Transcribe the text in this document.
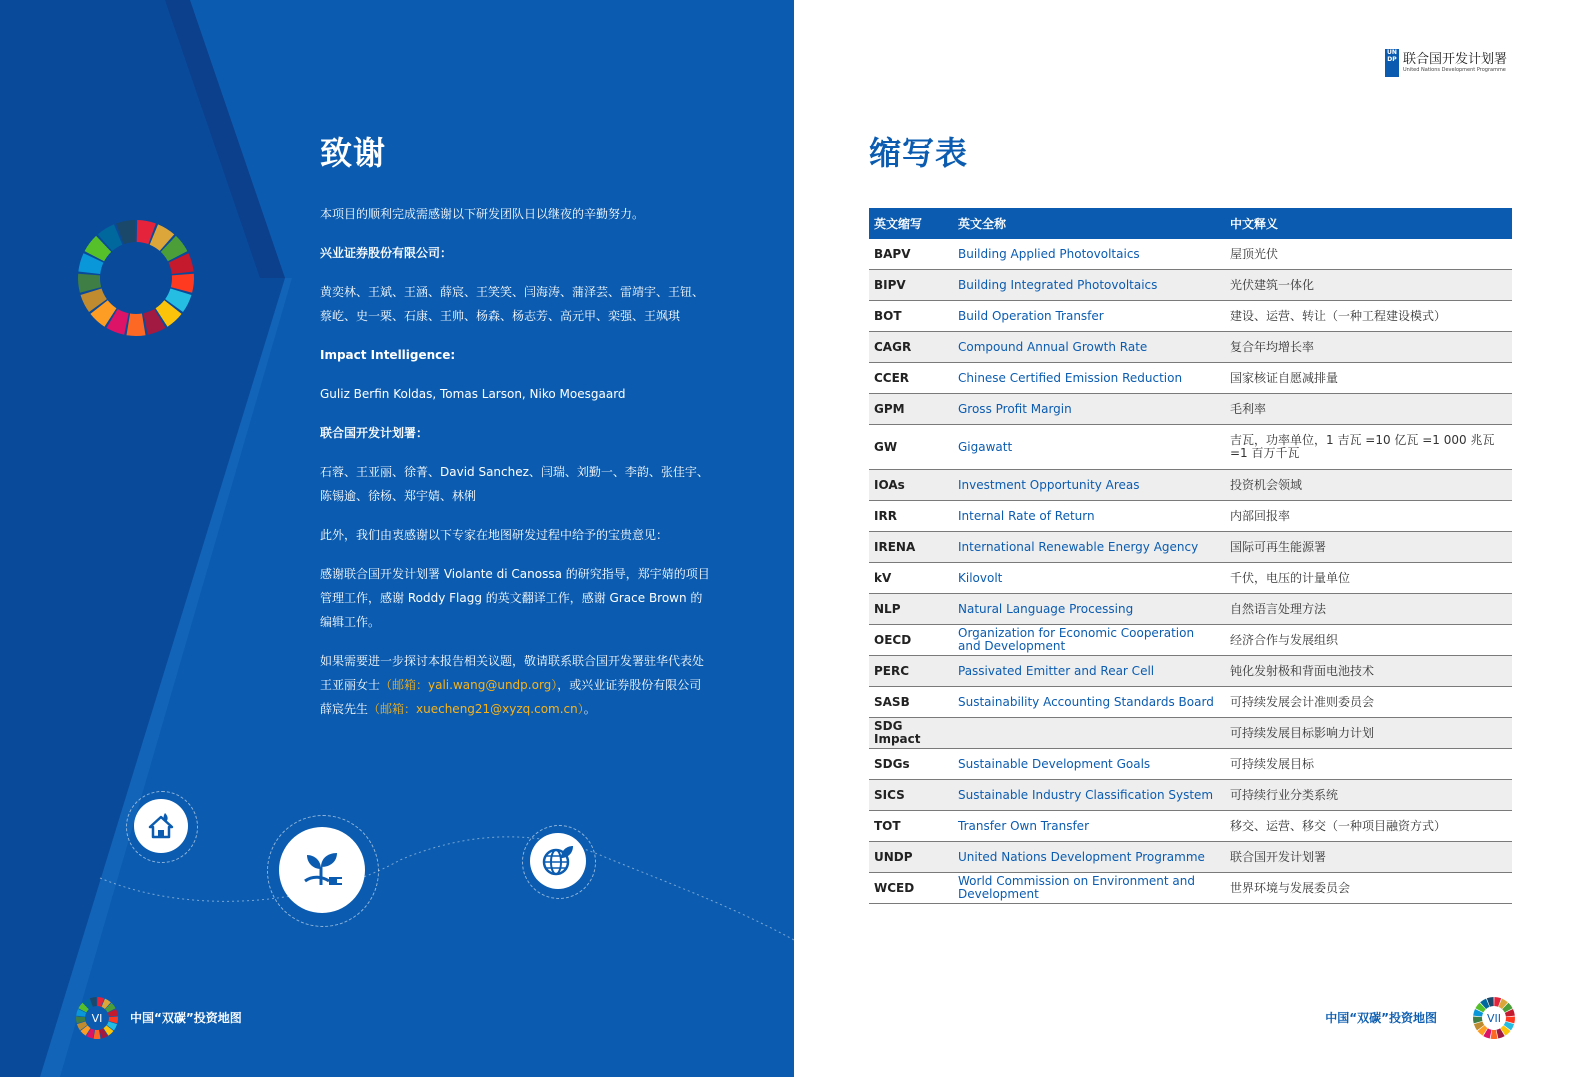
致谢
本项目的顺利完成需感谢以下研发团队日以继夜的辛勤努力。
兴业证券股份有限公司：
黄奕林、王斌、王涵、薛宸、王笑笑、闫海涛、蒲泽芸、雷靖宇、王钮、蔡屹、史一栗、石康、王帅、杨森、杨志芳、高元甲、栾强、王飒琪
Impact Intelligence:
Guliz Berfin Koldas, Tomas Larson, Niko Moesgaard
联合国开发计划署：
石蓉、王亚丽、徐菁、David Sanchez、闫瑞、刘勤一、李韵、张佳宇、陈锡逾、徐杨、郑宇婧、林俐
此外，我们由衷感谢以下专家在地图研发过程中给予的宝贵意见：
感谢联合国开发计划署 Violante di Canossa 的研究指导，郑宇婧的项目管理工作，感谢 Roddy Flagg 的英文翻译工作，感谢 Grace Brown 的编辑工作。
如果需要进一步探讨本报告相关议题，敬请联系联合国开发署驻华代表处王亚丽女士（邮箱：yali.wang@undp.org），或兴业证券股份有限公司薛宸先生（邮箱：xuecheng21@xyzq.com.cn）。
VI 中国“双碳”投资地图
UN DP 联合国开发计划署
United Nations Development Programme
缩写表
英文缩写	英文全称	中文释义
BAPV	Building Applied Photovoltaics	屋顶光伏
BIPV	Building Integrated Photovoltaics	光伏建筑一体化
BOT	Build Operation Transfer	建设、运营、转让（一种工程建设模式）
CAGR	Compound Annual Growth Rate	复合年均增长率
CCER	Chinese Certified Emission Reduction	国家核证自愿减排量
GPM	Gross Profit Margin	毛利率
GW	Gigawatt	吉瓦，功率单位，1 吉瓦 =10 亿瓦 =1 000 兆瓦 =1 百万千瓦
IOAs	Investment Opportunity Areas	投资机会领域
IRR	Internal Rate of Return	内部回报率
IRENA	International Renewable Energy Agency	国际可再生能源署
kV	Kilovolt	千伏，电压的计量单位
NLP	Natural Language Processing	自然语言处理方法
OECD	Organization for Economic Cooperation and Development	经济合作与发展组织
PERC	Passivated Emitter and Rear Cell	钝化发射极和背面电池技术
SASB	Sustainability Accounting Standards Board	可持续发展会计准则委员会
SDG Impact		可持续发展目标影响力计划
SDGs	Sustainable Development Goals	可持续发展目标
SICS	Sustainable Industry Classification System	可持续行业分类系统
TOT	Transfer Own Transfer	移交、运营、移交（一种项目融资方式）
UNDP	United Nations Development Programme	联合国开发计划署
WCED	World Commission on Environment and Development	世界环境与发展委员会
中国“双碳”投资地图	VII
